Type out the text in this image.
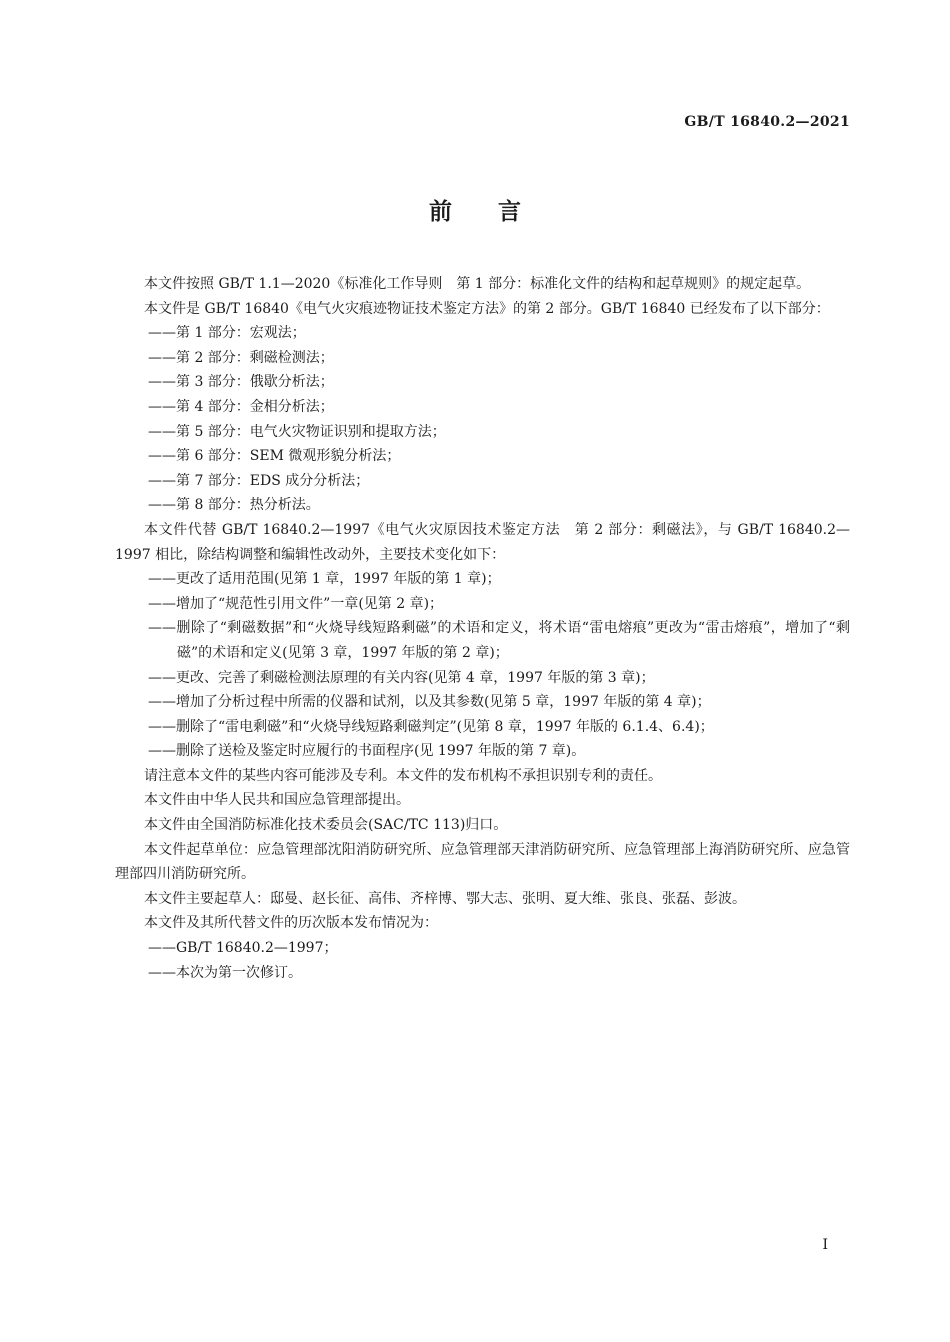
GB/T 16840.2—2021
前言

本文件按照 GB/T 1.1—2020《标准化工作导则　第 1 部分：标准化文件的结构和起草规则》的规定起草。

本文件是 GB/T 16840《电气火灾痕迹物证技术鉴定方法》的第 2 部分。GB/T 16840 已经发布了以下部分：

——第 1 部分：宏观法；

——第 2 部分：剩磁检测法；

——第 3 部分：俄歇分析法；

——第 4 部分：金相分析法；

——第 5 部分：电气火灾物证识别和提取方法；

——第 6 部分：SEM 微观形貌分析法；

——第 7 部分：EDS 成分分析法；

——第 8 部分：热分析法。

本文件代替 GB/T 16840.2—1997《电气火灾原因技术鉴定方法　第 2 部分：剩磁法》，与 GB/T 16840.2—1997 相比，除结构调整和编辑性改动外，主要技术变化如下：

——更改了适用范围(见第 1 章，1997 年版的第 1 章)；

——增加了“规范性引用文件”一章(见第 2 章)；

——删除了“剩磁数据”和“火烧导线短路剩磁”的术语和定义，将术语“雷电熔痕”更改为“雷击熔痕”，增加了“剩磁”的术语和定义(见第 3 章，1997 年版的第 2 章)；

——更改、完善了剩磁检测法原理的有关内容(见第 4 章，1997 年版的第 3 章)；

——增加了分析过程中所需的仪器和试剂，以及其参数(见第 5 章，1997 年版的第 4 章)；

——删除了“雷电剩磁”和“火烧导线短路剩磁判定”(见第 8 章，1997 年版的 6.1.4、6.4)；

——删除了送检及鉴定时应履行的书面程序(见 1997 年版的第 7 章)。

请注意本文件的某些内容可能涉及专利。本文件的发布机构不承担识别专利的责任。

本文件由中华人民共和国应急管理部提出。

本文件由全国消防标准化技术委员会(SAC/TC 113)归口。

本文件起草单位：应急管理部沈阳消防研究所、应急管理部天津消防研究所、应急管理部上海消防研究所、应急管理部四川消防研究所。

本文件主要起草人：邸曼、赵长征、高伟、齐梓博、鄂大志、张明、夏大维、张良、张磊、彭波。

本文件及其所代替文件的历次版本发布情况为：

——GB/T 16840.2—1997；

——本次为第一次修订。

I
